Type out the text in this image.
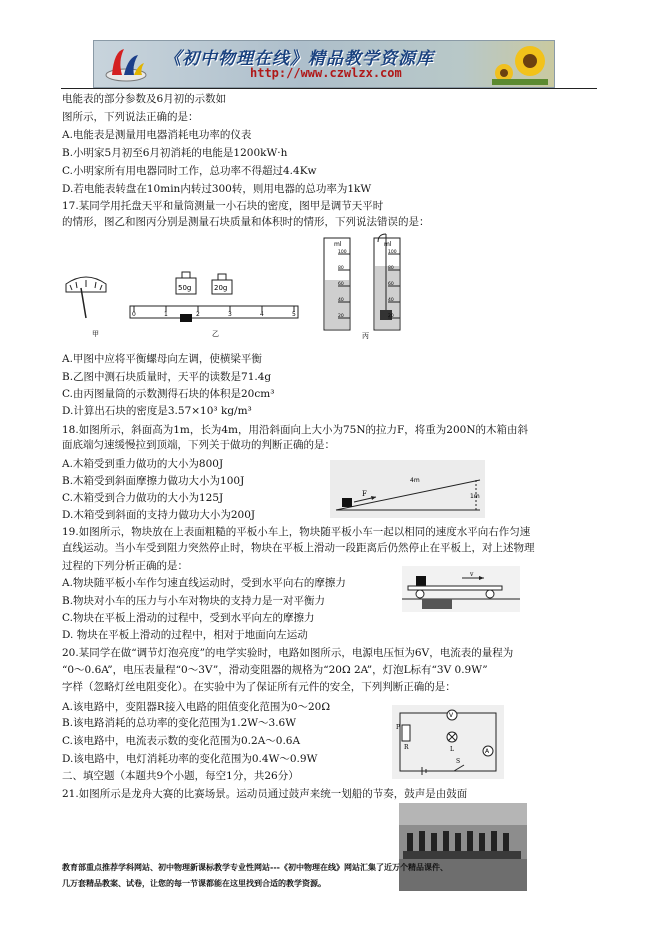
《初中物理在线》精品教学资源库
http://www.czwlzx.com
电能表的部分参数及6月初的示数如
图所示，下列说法正确的是：
A.电能表是测量用电器消耗电功率的仪表
B.小明家5月初至6月初消耗的电能是1200kW·h
C.小明家所有用电器同时工作，总功率不得超过4.4Kw
D.若电能表转盘在10min内转过300转，则用电器的总功率为1kW
17.某同学用托盘天平和量筒测量一小石块的密度，图甲是调节天平时
的情形，图乙和图丙分别是测量石块质量和体积时的情形，下列说法错误的是：
甲
50g	20g
0	1	2	3	4	5
乙
ml	ml
100	100
80	80
60	60
40	40
20	20
丙
A.甲图中应将平衡螺母向左调，使横梁平衡
B.乙图中测石块质量时，天平的读数是71.4g
C.由丙图量筒的示数测得石块的体积是20cm³
D.计算出石块的密度是3.57×10³ kg/m³
18.如图所示，斜面高为1m，长为4m，用沿斜面向上大小为75N的拉力F，将重为200N的木箱由斜
面底端匀速缓慢拉到顶端，下列关于做功的判断正确的是：
A.木箱受到重力做功的大小为800J
B.木箱受到斜面摩擦力做功大小为100J
C.木箱受到合力做功的大小为125J
D.木箱受到斜面的支持力做功大小为200J
F
4m
1m
19.如图所示，物块放在上表面粗糙的平板小车上，物块随平板小车一起以相同的速度水平向右作匀速
直线运动。当小车受到阻力突然停止时，物块在平板上滑动一段距离后仍然停止在平板上，对上述物理
过程的下列分析正确的是：
A.物块随平板小车作匀速直线运动时，受到水平向右的摩擦力
B.物块对小车的压力与小车对物块的支持力是一对平衡力
C.物块在平板上滑动的过程中，受到水平向左的摩擦力
D. 物块在平板上滑动的过程中，相对于地面向左运动
v
20.某同学在做“调节灯泡亮度”的电学实验时，电路如图所示，电源电压恒为6V，电流表的量程为
“0～0.6A”，电压表量程“0～3V”，滑动变阻器的规格为“20Ω 2A”，灯泡L标有“3V 0.9W”
字样（忽略灯丝电阻变化）。在实验中为了保证所有元件的安全，下列判断正确的是：
A.该电路中，变阻器R接入电路的阻值变化范围为0～20Ω
B.该电路消耗的总功率的变化范围为1.2W～3.6W
C.该电路中，电流表示数的变化范围为0.2A～0.6A
D.该电路中，电灯消耗功率的变化范围为0.4W～0.9W
二、填空题（本题共9个小题，每空1分，共26分）
21.如图所示是龙舟大赛的比赛场景。运动员通过鼓声来统一划船的节奏，鼓声是由鼓面
P
R
V
L	A
S
教育部重点推荐学科网站、初中物理新课标教学专业性网站---《初中物理在线》网站汇集了近万个精品课件、
几万套精品教案、试卷，让您的每一节课都能在这里找到合适的教学资源。
